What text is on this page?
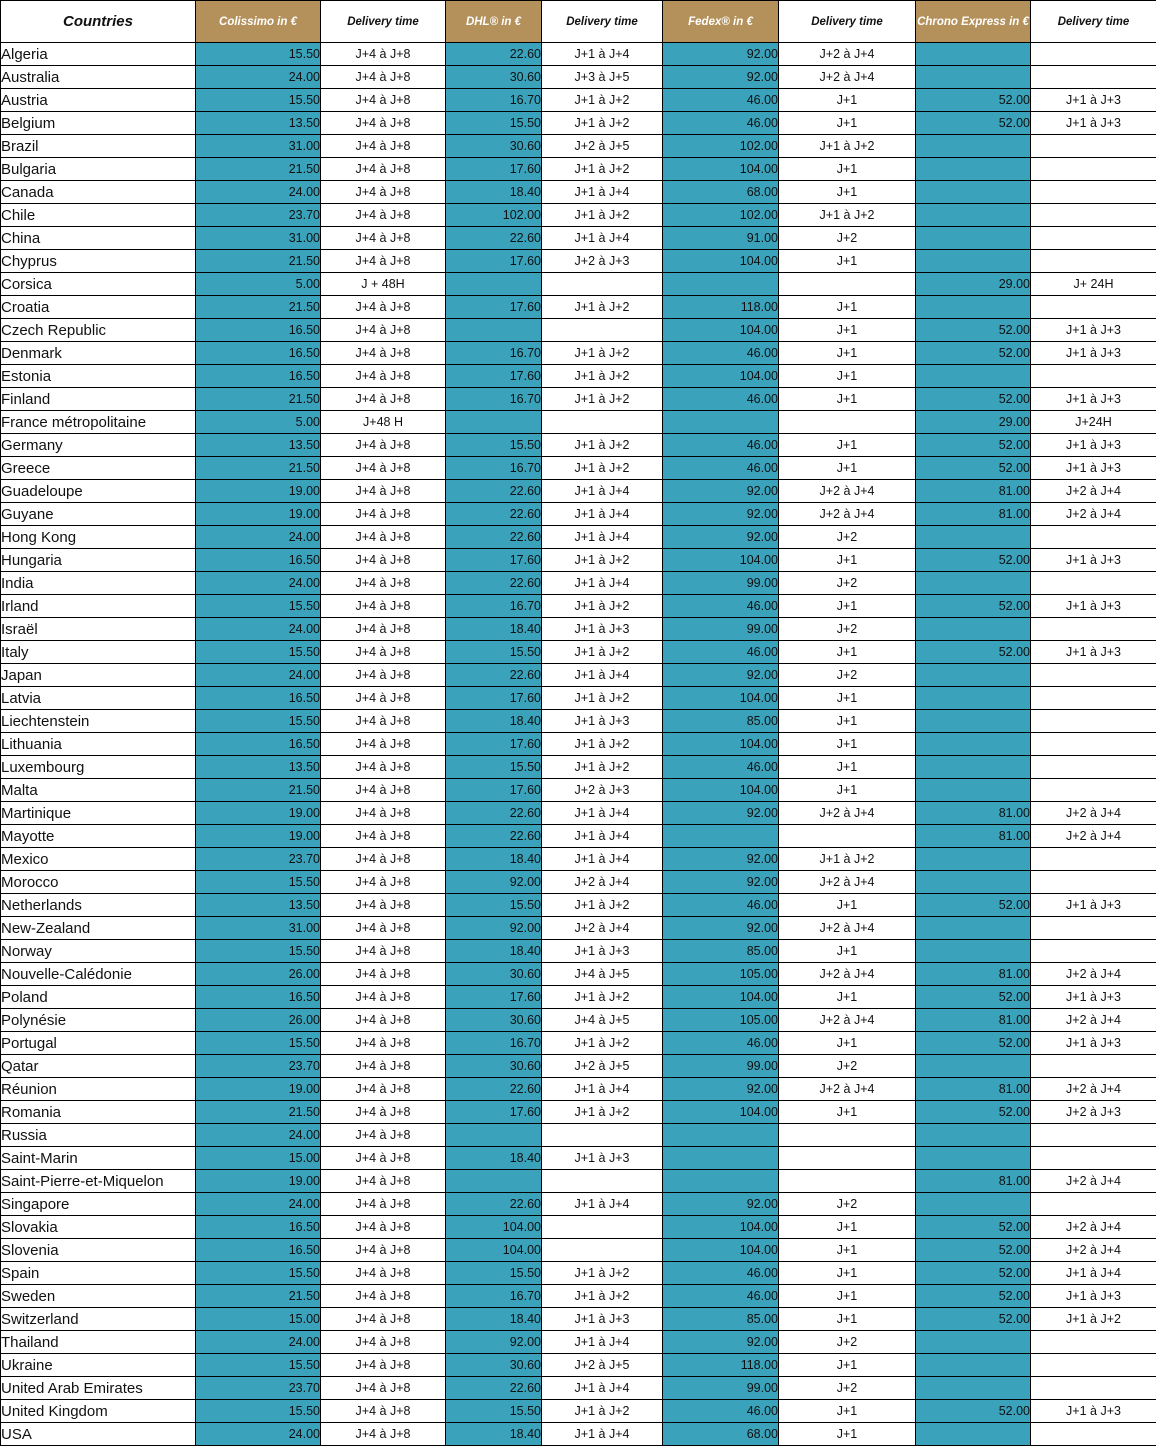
Countries	Colissimo in €	Delivery time	DHL® in €	Delivery time	Fedex® in €	Delivery time	Chrono Express in €	Delivery time
Algeria	15.50	J+4 à J+8	22.60	J+1 à J+4	92.00	J+2 à J+4		
Australia	24.00	J+4 à J+8	30.60	J+3 à J+5	92.00	J+2 à J+4		
Austria	15.50	J+4 à J+8	16.70	J+1 à J+2	46.00	J+1	52.00	J+1 à J+3
Belgium	13.50	J+4 à J+8	15.50	J+1 à J+2	46.00	J+1	52.00	J+1 à J+3
Brazil	31.00	J+4 à J+8	30.60	J+2 à J+5	102.00	J+1 à J+2		
Bulgaria	21.50	J+4 à J+8	17.60	J+1 à J+2	104.00	J+1		
Canada	24.00	J+4 à J+8	18.40	J+1 à J+4	68.00	J+1		
Chile	23.70	J+4 à J+8	102.00	J+1 à J+2	102.00	J+1 à J+2		
China	31.00	J+4 à J+8	22.60	J+1 à J+4	91.00	J+2		
Chyprus	21.50	J+4 à J+8	17.60	J+2 à J+3	104.00	J+1		
Corsica	5.00	J + 48H					29.00	J+ 24H
Croatia	21.50	J+4 à J+8	17.60	J+1 à J+2	118.00	J+1		
Czech Republic	16.50	J+4 à J+8			104.00	J+1	52.00	J+1 à J+3
Denmark	16.50	J+4 à J+8	16.70	J+1 à J+2	46.00	J+1	52.00	J+1 à J+3
Estonia	16.50	J+4 à J+8	17.60	J+1 à J+2	104.00	J+1		
Finland	21.50	J+4 à J+8	16.70	J+1 à J+2	46.00	J+1	52.00	J+1 à J+3
France métropolitaine	5.00	J+48 H					29.00	J+24H
Germany	13.50	J+4 à J+8	15.50	J+1 à J+2	46.00	J+1	52.00	J+1 à J+3
Greece	21.50	J+4 à J+8	16.70	J+1 à J+2	46.00	J+1	52.00	J+1 à J+3
Guadeloupe	19.00	J+4 à J+8	22.60	J+1 à J+4	92.00	J+2 à J+4	81.00	J+2 à J+4
Guyane	19.00	J+4 à J+8	22.60	J+1 à J+4	92.00	J+2 à J+4	81.00	J+2 à J+4
Hong Kong	24.00	J+4 à J+8	22.60	J+1 à J+4	92.00	J+2		
Hungaria	16.50	J+4 à J+8	17.60	J+1 à J+2	104.00	J+1	52.00	J+1 à J+3
India	24.00	J+4 à J+8	22.60	J+1 à J+4	99.00	J+2		
Irland	15.50	J+4 à J+8	16.70	J+1 à J+2	46.00	J+1	52.00	J+1 à J+3
Israël	24.00	J+4 à J+8	18.40	J+1 à J+3	99.00	J+2		
Italy	15.50	J+4 à J+8	15.50	J+1 à J+2	46.00	J+1	52.00	J+1 à J+3
Japan	24.00	J+4 à J+8	22.60	J+1 à J+4	92.00	J+2		
Latvia	16.50	J+4 à J+8	17.60	J+1 à J+2	104.00	J+1		
Liechtenstein	15.50	J+4 à J+8	18.40	J+1 à J+3	85.00	J+1		
Lithuania	16.50	J+4 à J+8	17.60	J+1 à J+2	104.00	J+1		
Luxembourg	13.50	J+4 à J+8	15.50	J+1 à J+2	46.00	J+1		
Malta	21.50	J+4 à J+8	17.60	J+2 à J+3	104.00	J+1		
Martinique	19.00	J+4 à J+8	22.60	J+1 à J+4	92.00	J+2 à J+4	81.00	J+2 à J+4
Mayotte	19.00	J+4 à J+8	22.60	J+1 à J+4			81.00	J+2 à J+4
Mexico	23.70	J+4 à J+8	18.40	J+1 à J+4	92.00	J+1 à J+2		
Morocco	15.50	J+4 à J+8	92.00	J+2 à J+4	92.00	J+2 à J+4		
Netherlands	13.50	J+4 à J+8	15.50	J+1 à J+2	46.00	J+1	52.00	J+1 à J+3
New-Zealand	31.00	J+4 à J+8	92.00	J+2 à J+4	92.00	J+2 à J+4		
Norway	15.50	J+4 à J+8	18.40	J+1 à J+3	85.00	J+1		
Nouvelle-Calédonie	26.00	J+4 à J+8	30.60	J+4 à J+5	105.00	J+2 à J+4	81.00	J+2 à J+4
Poland	16.50	J+4 à J+8	17.60	J+1 à J+2	104.00	J+1	52.00	J+1 à J+3
Polynésie	26.00	J+4 à J+8	30.60	J+4 à J+5	105.00	J+2 à J+4	81.00	J+2 à J+4
Portugal	15.50	J+4 à J+8	16.70	J+1 à J+2	46.00	J+1	52.00	J+1 à J+3
Qatar	23.70	J+4 à J+8	30.60	J+2 à J+5	99.00	J+2		
Réunion	19.00	J+4 à J+8	22.60	J+1 à J+4	92.00	J+2 à J+4	81.00	J+2 à J+4
Romania	21.50	J+4 à J+8	17.60	J+1 à J+2	104.00	J+1	52.00	J+2 à J+3
Russia	24.00	J+4 à J+8						
Saint-Marin	15.00	J+4 à J+8	18.40	J+1 à J+3				
Saint-Pierre-et-Miquelon	19.00	J+4 à J+8					81.00	J+2 à J+4
Singapore	24.00	J+4 à J+8	22.60	J+1 à J+4	92.00	J+2		
Slovakia	16.50	J+4 à J+8	104.00		104.00	J+1	52.00	J+2 à J+4
Slovenia	16.50	J+4 à J+8	104.00		104.00	J+1	52.00	J+2 à J+4
Spain	15.50	J+4 à J+8	15.50	J+1 à J+2	46.00	J+1	52.00	J+1 à J+4
Sweden	21.50	J+4 à J+8	16.70	J+1 à J+2	46.00	J+1	52.00	J+1 à J+3
Switzerland	15.00	J+4 à J+8	18.40	J+1 à J+3	85.00	J+1	52.00	J+1 à J+2
Thailand	24.00	J+4 à J+8	92.00	J+1 à J+4	92.00	J+2		
Ukraine	15.50	J+4 à J+8	30.60	J+2 à J+5	118.00	J+1		
United Arab Emirates	23.70	J+4 à J+8	22.60	J+1 à J+4	99.00	J+2		
United Kingdom	15.50	J+4 à J+8	15.50	J+1 à J+2	46.00	J+1	52.00	J+1 à J+3
USA	24.00	J+4 à J+8	18.40	J+1 à J+4	68.00	J+1		
